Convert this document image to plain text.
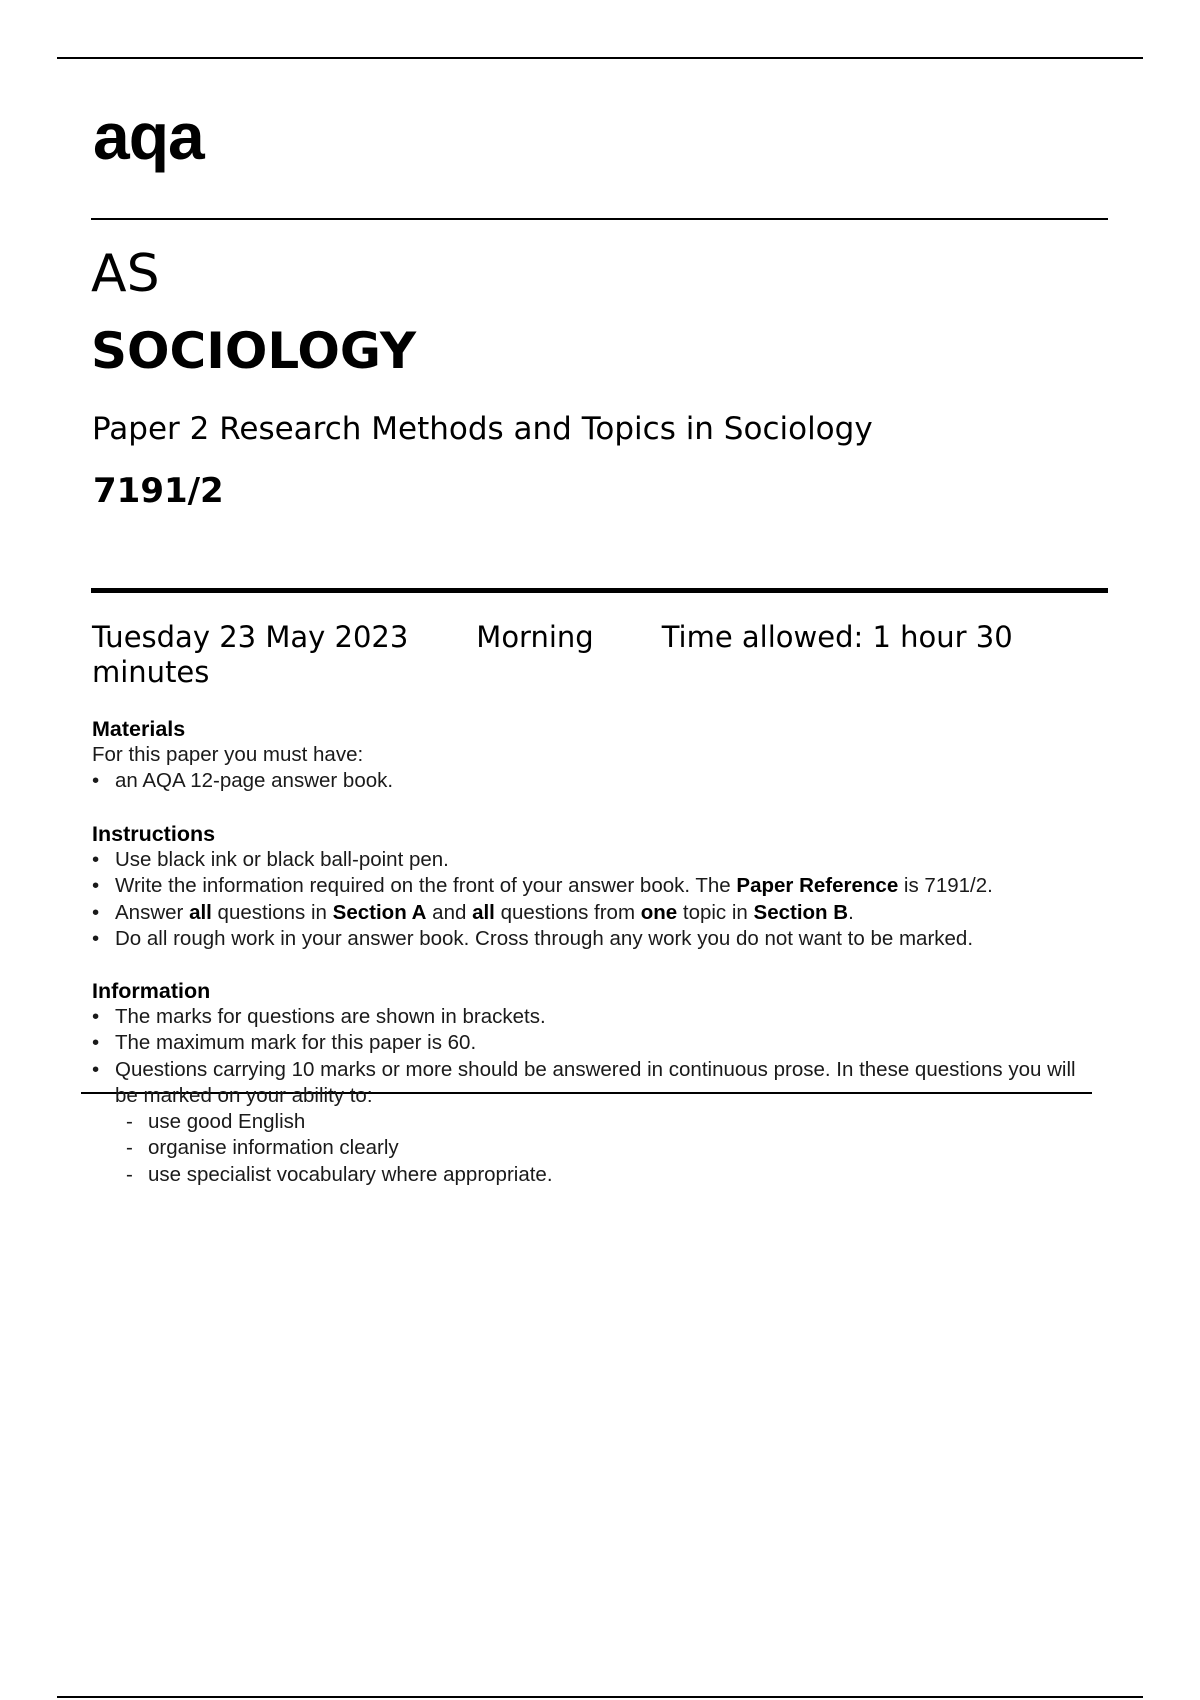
aqa
AS
SOCIOLOGY
Paper 2 Research Methods and Topics in Sociology
7191/2
Tuesday 23 May 2023 Morning Time allowed: 1 hour 30 minutes
Materials

For this paper you must have:

• an AQA 12-page answer book.
Instructions
• Use black ink or black ball-point pen.
• Write the information required on the front of your answer book. The Paper Reference is 7191/2.
• Answer all questions in Section A and all questions from one topic in Section B.
• Do all rough work in your answer book. Cross through any work you do not want to be marked.
Information
• The marks for questions are shown in brackets.
• The maximum mark for this paper is 60.
• Questions carrying 10 marks or more should be answered in continuous prose. In these questions you will be marked on your ability to:
- use good English
- organise information clearly
- use specialist vocabulary where appropriate.
